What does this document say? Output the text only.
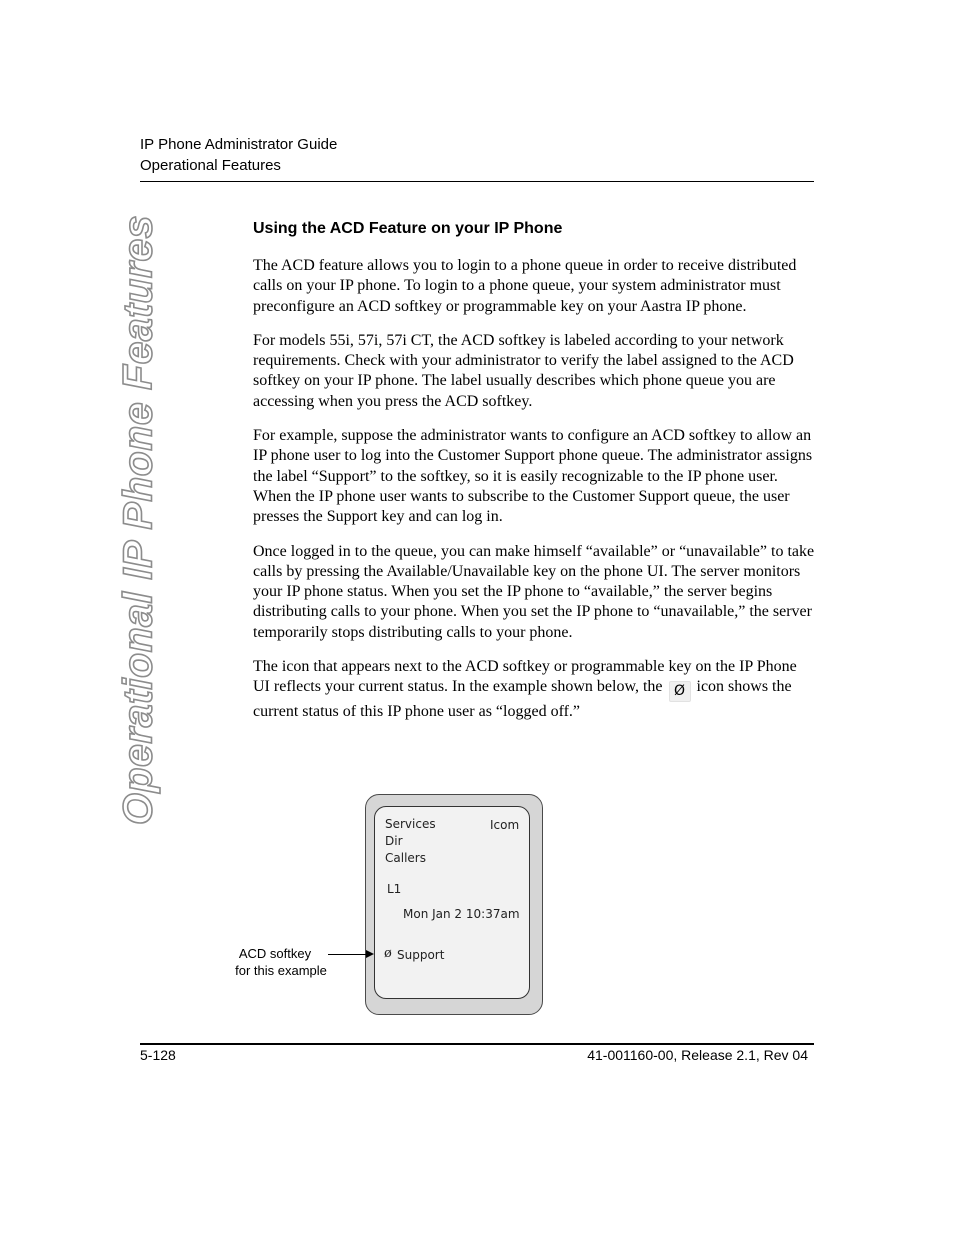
IP Phone Administrator Guide
Operational Features
Operational IP Phone Features	Using the ACD Feature on your IP Phone

The ACD feature allows you to login to a phone queue in order to receive distributed calls on your IP phone. To login to a phone queue, your system administrator must preconfigure an ACD softkey or programmable key on your Aastra IP phone.

For models 55i, 57i, 57i CT, the ACD softkey is labeled according to your network requirements. Check with your administrator to verify the label assigned to the ACD softkey on your IP phone. The label usually describes which phone queue you are accessing when you press the ACD softkey.

For example, suppose the administrator wants to configure an ACD softkey to allow an IP phone user to log into the Customer Support phone queue. The administrator assigns the label “Support” to the softkey, so it is easily recognizable to the IP phone user. When the IP phone user wants to subscribe to the Customer Support queue, the user presses the Support key and can log in.

Once logged in to the queue, you can make himself “available” or “unavailable” to take calls by pressing the Available/Unavailable key on the phone UI. The server monitors your IP phone status. When you set the IP phone to “available,” the server begins distributing calls to your phone. When you set the IP phone to “unavailable,” the server temporarily stops distributing calls to your phone.

The icon that appears next to the ACD softkey or programmable key on the IP Phone UI reflects your current status. In the example shown below, the Ø icon shows the current status of this IP phone user as “logged off.”

Services
Dir
Callers
Icom
L1
Mon Jan 2 10:37am
ø Support
ACD softkey
for this example
5-128	41-001160-00, Release 2.1, Rev 04
